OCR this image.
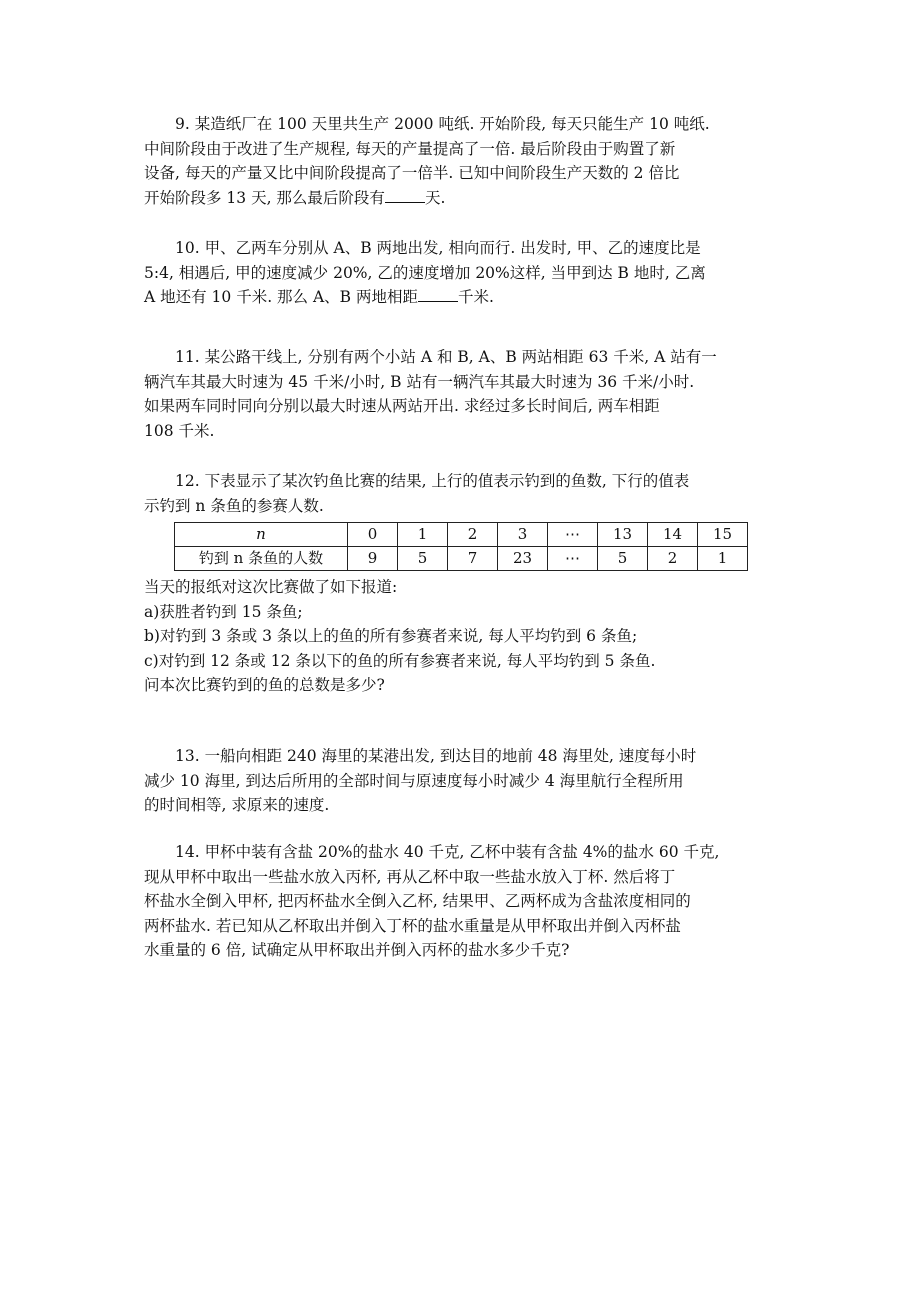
9. 某造纸厂在 100 天里共生产 2000 吨纸. 开始阶段, 每天只能生产 10 吨纸.

中间阶段由于改进了生产规程, 每天的产量提高了一倍. 最后阶段由于购置了新

设备, 每天的产量又比中间阶段提高了一倍半. 已知中间阶段生产天数的 2 倍比

开始阶段多 13 天, 那么最后阶段有	天.

10. 甲、乙两车分别从 A、B 两地出发, 相向而行. 出发时, 甲、乙的速度比是

5:4, 相遇后, 甲的速度减少 20%, 乙的速度增加 20%这样, 当甲到达 B 地时, 乙离

A 地还有 10 千米. 那么 A、B 两地相距	千米.

11. 某公路干线上, 分别有两个小站 A 和 B, A、B 两站相距 63 千米, A 站有一

辆汽车其最大时速为 45 千米/小时, B 站有一辆汽车其最大时速为 36 千米/小时.

如果两车同时同向分别以最大时速从两站开出. 求经过多长时间后, 两车相距

108 千米.

12. 下表显示了某次钓鱼比赛的结果, 上行的值表示钓到的鱼数, 下行的值表

示钓到 n 条鱼的参赛人数.

n	0	1	2	3	⋯	13	14	15
钓到 n 条鱼的人数	9	5	7	23	⋯	5	2	1
当天的报纸对这次比赛做了如下报道:
a)获胜者钓到 15 条鱼;
b)对钓到 3 条或 3 条以上的鱼的所有参赛者来说, 每人平均钓到 6 条鱼;
c)对钓到 12 条或 12 条以下的鱼的所有参赛者来说, 每人平均钓到 5 条鱼.
问本次比赛钓到的鱼的总数是多少?

13. 一船向相距 240 海里的某港出发, 到达目的地前 48 海里处, 速度每小时

减少 10 海里, 到达后所用的全部时间与原速度每小时减少 4 海里航行全程所用

的时间相等, 求原来的速度.

14. 甲杯中装有含盐 20%的盐水 40 千克, 乙杯中装有含盐 4%的盐水 60 千克,

现从甲杯中取出一些盐水放入丙杯, 再从乙杯中取一些盐水放入丁杯. 然后将丁

杯盐水全倒入甲杯, 把丙杯盐水全倒入乙杯, 结果甲、乙两杯成为含盐浓度相同的

两杯盐水. 若已知从乙杯取出并倒入丁杯的盐水重量是从甲杯取出并倒入丙杯盐

水重量的 6 倍, 试确定从甲杯取出并倒入丙杯的盐水多少千克?
